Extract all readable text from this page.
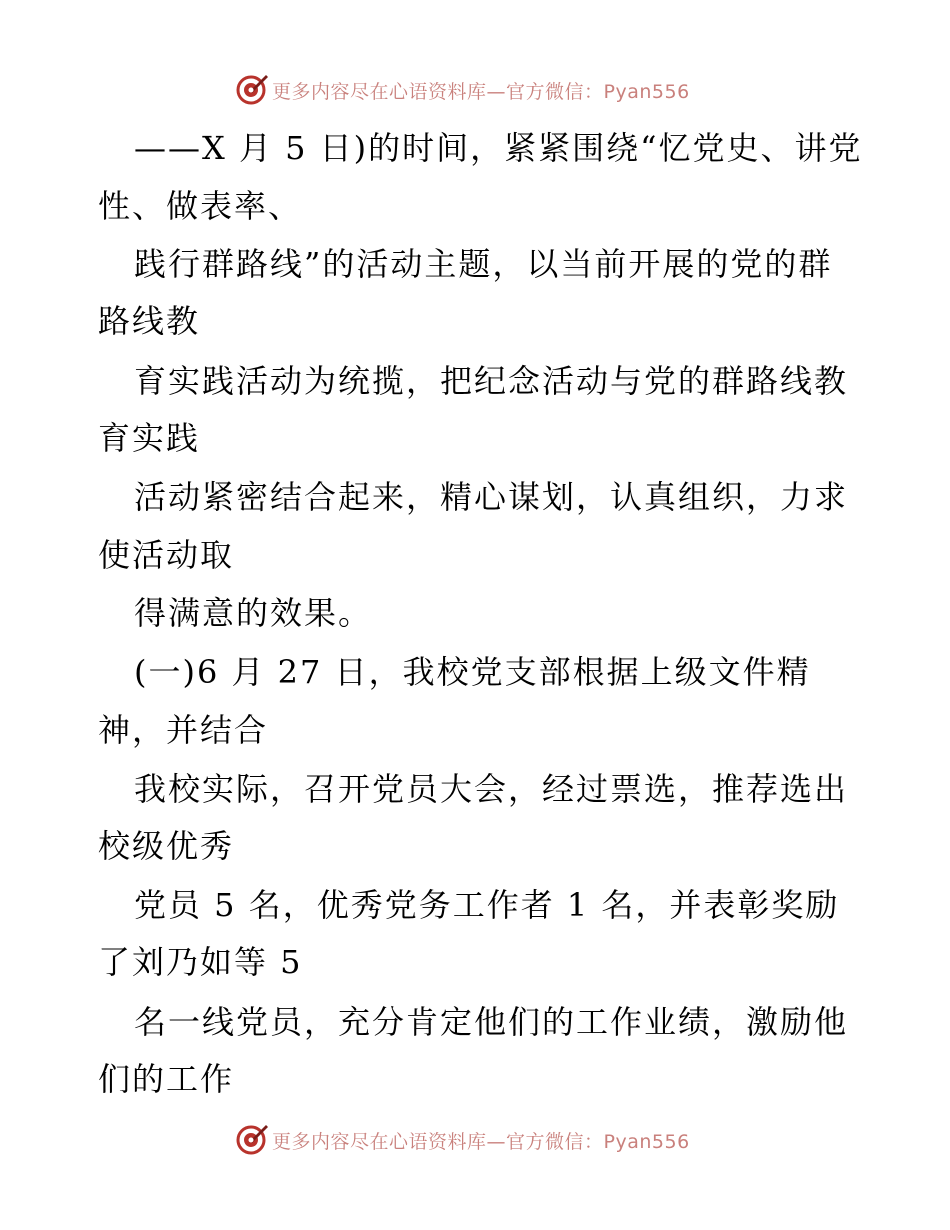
更多内容尽在心语资料库—官方微信：Pyan556
——X 月 5 日)的时间，紧紧围绕“忆党史、讲党
性、做表率、
践行群路线”的活动主题，以当前开展的党的群
路线教
育实践活动为统揽，把纪念活动与党的群路线教
育实践
活动紧密结合起来，精心谋划，认真组织，力求
使活动取
得满意的效果。
(一)6 月 27 日，我校党支部根据上级文件精
神，并结合
我校实际，召开党员大会，经过票选，推荐选出
校级优秀
党员 5 名，优秀党务工作者 1 名，并表彰奖励
了刘乃如等 5
名一线党员，充分肯定他们的工作业绩，激励他
们的工作
更多内容尽在心语资料库—官方微信：Pyan556
